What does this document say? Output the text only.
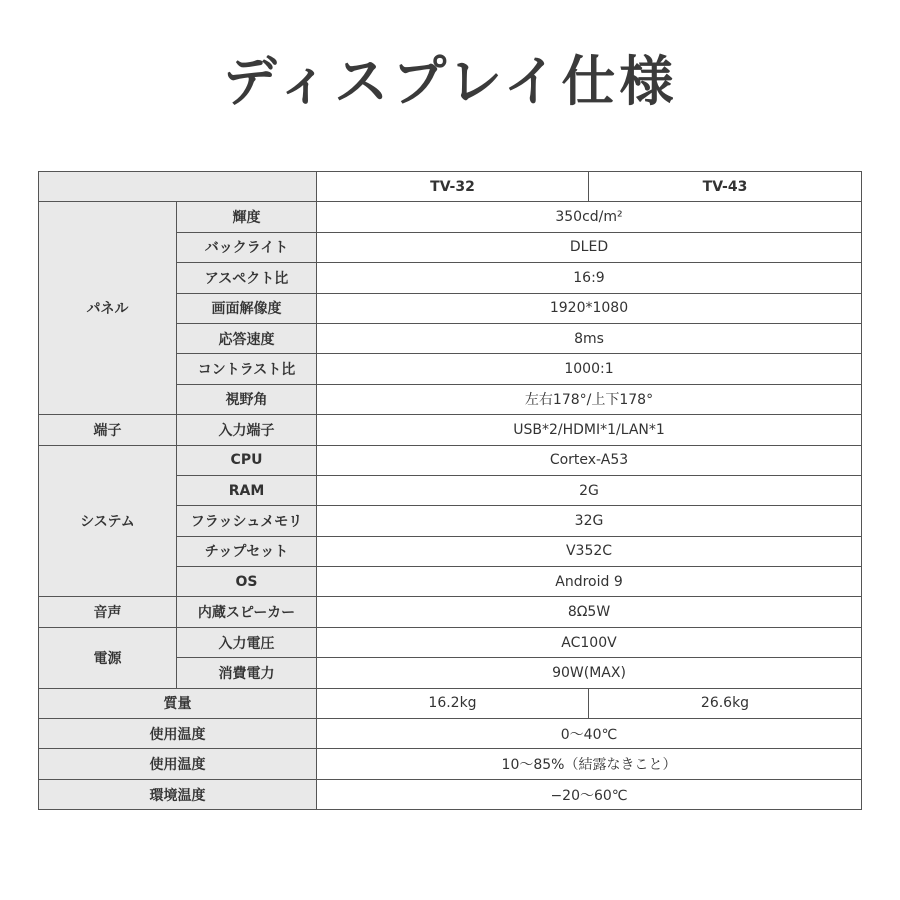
ディスプレイ仕様
		TV-32	TV-43
パネル	輝度	350cd/m²	
	バックライト	DLED	
	アスペクト比	16:9	
	画面解像度	1920*1080	
	応答速度	8ms	
	コントラスト比	1000:1	
	視野角	左右178°/上下178°	
端子	入力端子	USB*2/HDMI*1/LAN*1	
システム	CPU	Cortex-A53	
	RAM	2G	
	フラッシュメモリ	32G	
	チップセット	V352C	
	OS	Android 9	
音声	内蔵スピーカー	8Ω5W	
電源	入力電圧	AC100V	
	消費電力	90W(MAX)	
質量		16.2kg	26.6kg
使用温度		0～40℃	
使用温度		10～85%（結露なきこと）	
環境温度		−20～60℃	
